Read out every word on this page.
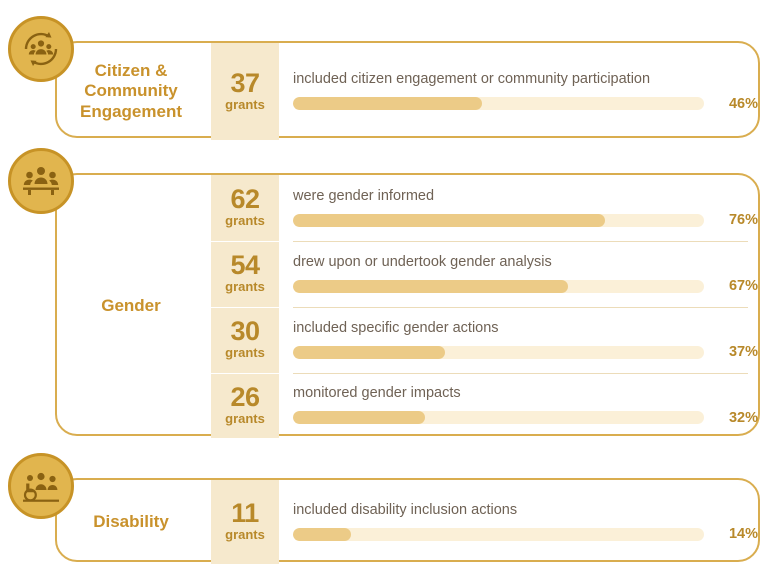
Citizen & Community Engagement
37
grants
included citizen engagement or community participation
46%
Gender
62
grants
were gender informed
76%
54
grants
drew upon or undertook gender analysis
67%
30
grants
included specific gender actions
37%
26
grants
monitored gender impacts
32%
Disability	11
grants
included disability inclusion actions
14%
